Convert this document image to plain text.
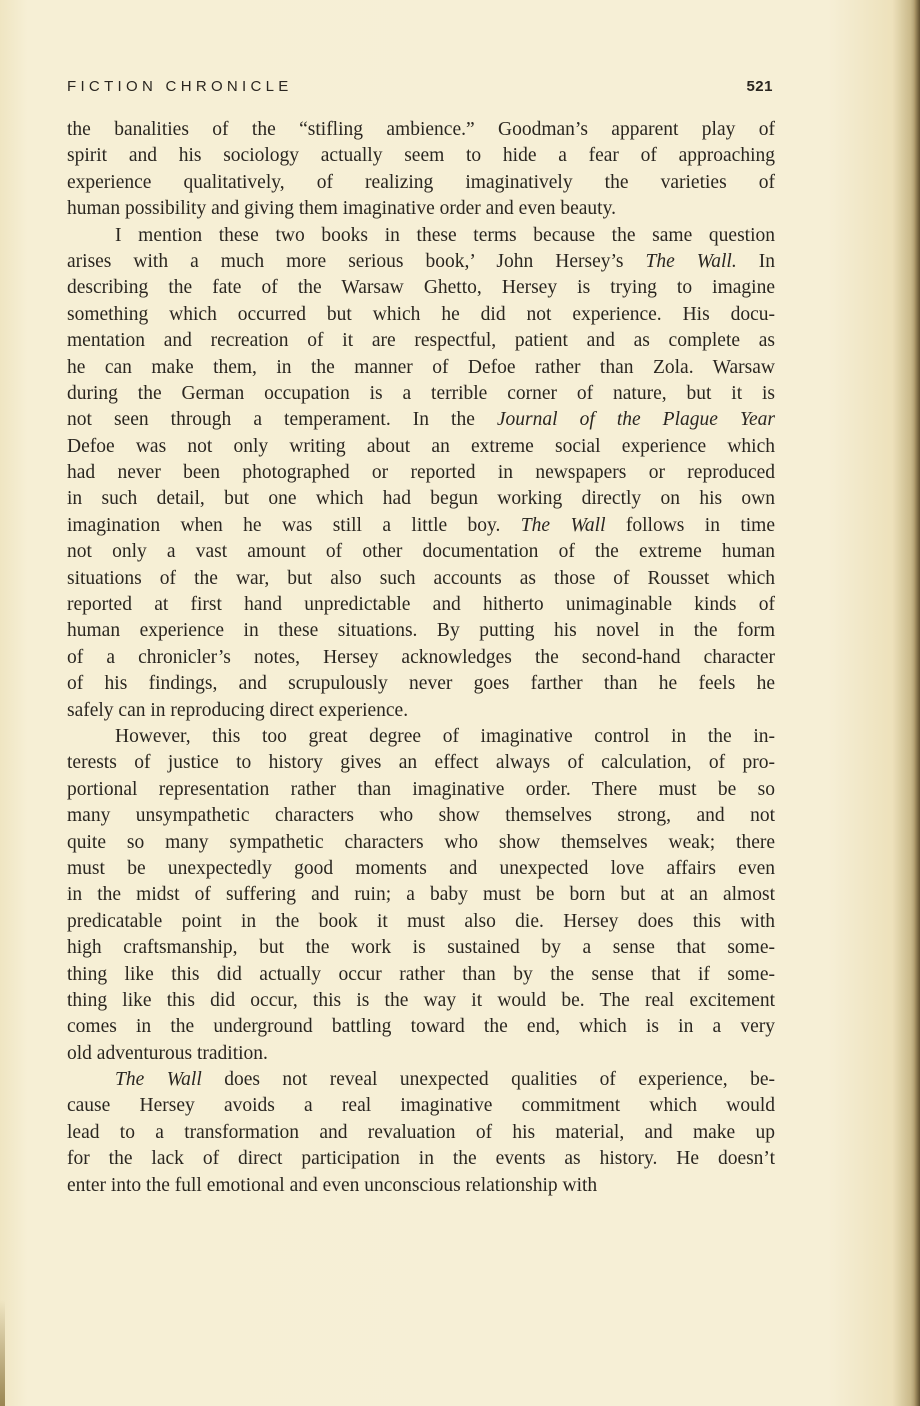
FICTION CHRONICLE	521
the banalities of the “stifling ambience.” Goodman’s apparent play of
spirit and his sociology actually seem to hide a fear of approaching
experience qualitatively, of realizing imaginatively the varieties of
human possibility and giving them imaginative order and even beauty.
I mention these two books in these terms because the same question
arises with a much more serious book,’ John Hersey’s The Wall. In
describing the fate of the Warsaw Ghetto, Hersey is trying to imagine
something which occurred but which he did not experience. His docu-
mentation and recreation of it are respectful, patient and as complete as
he can make them, in the manner of Defoe rather than Zola. Warsaw
during the German occupation is a terrible corner of nature, but it is
not seen through a temperament. In the Journal of the Plague Year
Defoe was not only writing about an extreme social experience which
had never been photographed or reported in newspapers or reproduced
in such detail, but one which had begun working directly on his own
imagination when he was still a little boy. The Wall follows in time
not only a vast amount of other documentation of the extreme human
situations of the war, but also such accounts as those of Rousset which
reported at first hand unpredictable and hitherto unimaginable kinds of
human experience in these situations. By putting his novel in the form
of a chronicler’s notes, Hersey acknowledges the second-hand character
of his findings, and scrupulously never goes farther than he feels he
safely can in reproducing direct experience.
However, this too great degree of imaginative control in the in-
terests of justice to history gives an effect always of calculation, of pro-
portional representation rather than imaginative order. There must be so
many unsympathetic characters who show themselves strong, and not
quite so many sympathetic characters who show themselves weak; there
must be unexpectedly good moments and unexpected love affairs even
in the midst of suffering and ruin; a baby must be born but at an almost
predicatable point in the book it must also die. Hersey does this with
high craftsmanship, but the work is sustained by a sense that some-
thing like this did actually occur rather than by the sense that if some-
thing like this did occur, this is the way it would be. The real excitement
comes in the underground battling toward the end, which is in a very
old adventurous tradition.
The Wall does not reveal unexpected qualities of experience, be-
cause Hersey avoids a real imaginative commitment which would
lead to a transformation and revaluation of his material, and make up
for the lack of direct participation in the events as history. He doesn’t
enter into the full emotional and even unconscious relationship with
